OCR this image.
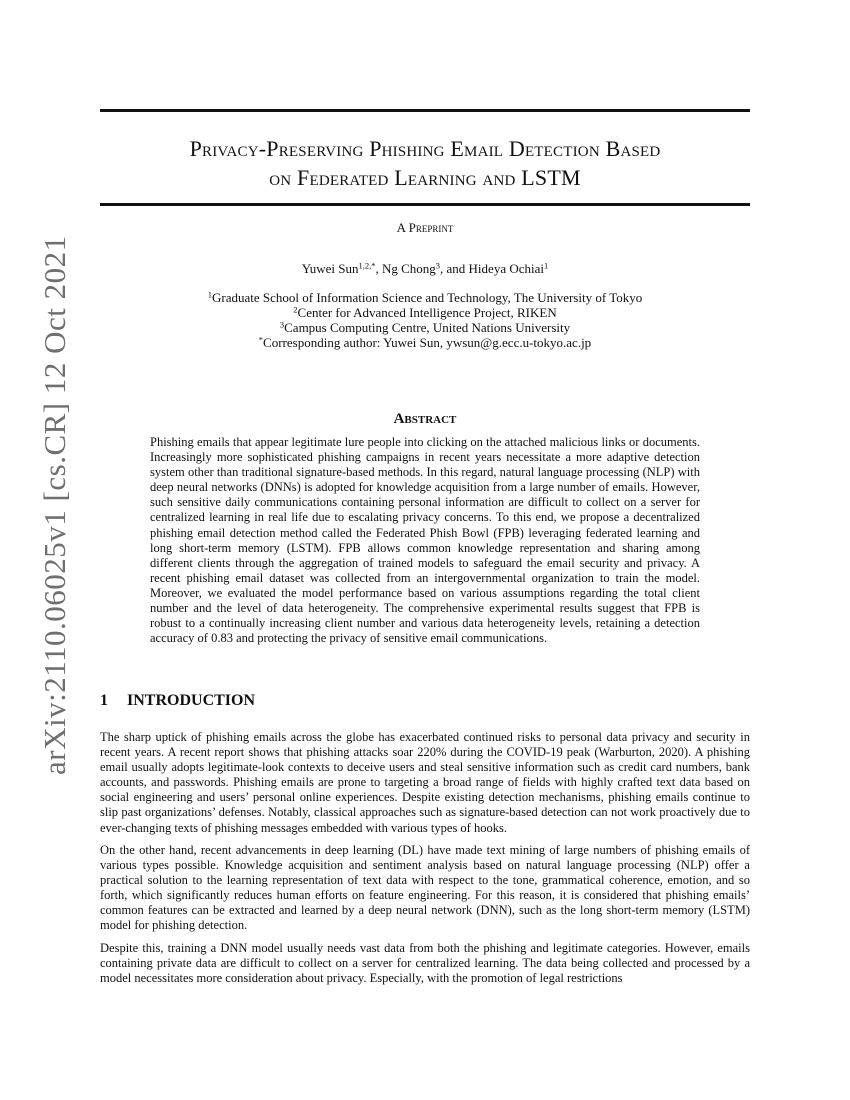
arXiv:2110.06025v1 [cs.CR] 12 Oct 2021
Privacy-Preserving Phishing Email Detection Based
on Federated Learning and LSTM
A Preprint
Yuwei Sun$^{1,2,*}$, Ng Chong$^3$, and Hideya Ochiai$^1$
$^1$Graduate School of Information Science and Technology, The University of Tokyo
$^2$Center for Advanced Intelligence Project, RIKEN
$^3$Campus Computing Centre, United Nations University
*Corresponding author: Yuwei Sun, ywsun@g.ecc.u-tokyo.ac.jp
Abstract
Phishing emails that appear legitimate lure people into clicking on the attached malicious links or documents. Increasingly more sophisticated phishing campaigns in recent years necessitate a more adaptive detection system other than traditional signature-based methods. In this regard, natural language processing (NLP) with deep neural networks (DNNs) is adopted for knowledge acquisition from a large number of emails. However, such sensitive daily communications containing personal information are difficult to collect on a server for centralized learning in real life due to escalating privacy concerns. To this end, we propose a decentralized phishing email detection method called the Federated Phish Bowl (FPB) leveraging federated learning and long short-term memory (LSTM). FPB allows common knowledge representation and sharing among different clients through the aggregation of trained models to safeguard the email security and privacy. A recent phishing email dataset was collected from an intergovernmental organization to train the model. Moreover, we evaluated the model performance based on various assumptions regarding the total client number and the level of data heterogeneity. The comprehensive experimental results suggest that FPB is robust to a continually increasing client number and various data heterogeneity levels, retaining a detection accuracy of 0.83 and protecting the privacy of sensitive email communications.
1 INTRODUCTION

The sharp uptick of phishing emails across the globe has exacerbated continued risks to personal data privacy and security in recent years. A recent report shows that phishing attacks soar 220% during the COVID-19 peak (Warburton, 2020). A phishing email usually adopts legitimate-look contexts to deceive users and steal sensitive information such as credit card numbers, bank accounts, and passwords. Phishing emails are prone to targeting a broad range of fields with highly crafted text data based on social engineering and users’ personal online experiences. Despite existing detection mechanisms, phishing emails continue to slip past organizations’ defenses. Notably, classical approaches such as signature-based detection can not work proactively due to ever-changing texts of phishing messages embedded with various types of hooks.

On the other hand, recent advancements in deep learning (DL) have made text mining of large numbers of phishing emails of various types possible. Knowledge acquisition and sentiment analysis based on natural language processing (NLP) offer a practical solution to the learning representation of text data with respect to the tone, grammatical coherence, emotion, and so forth, which significantly reduces human efforts on feature engineering. For this reason, it is considered that phishing emails’ common features can be extracted and learned by a deep neural network (DNN), such as the long short-term memory (LSTM) model for phishing detection.

Despite this, training a DNN model usually needs vast data from both the phishing and legitimate categories. However, emails containing private data are difficult to collect on a server for centralized learning. The data being collected and processed by a model necessitates more consideration about privacy. Especially, with the promotion of legal restrictions
